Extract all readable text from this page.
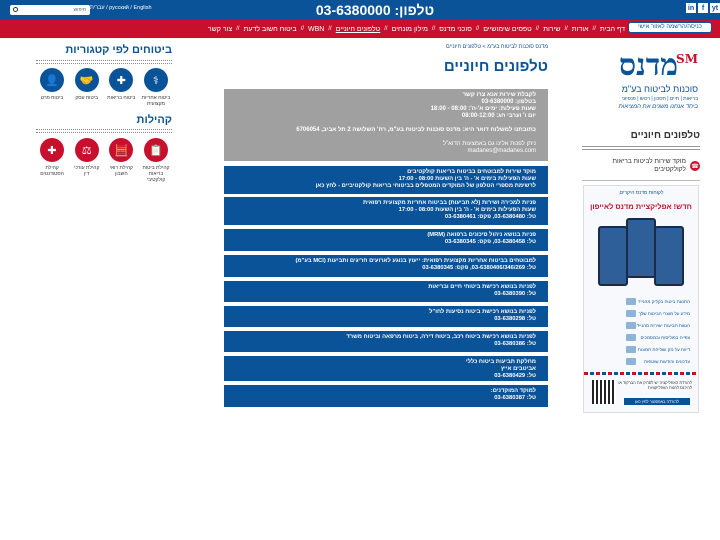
חיפוש עברית / русский / English	טלפון: 03-6380000	in	f	yt
דף הבית
//
אודות
//
שירות
//
טפסים שימושיים
//
סוכני מדנס
//
מילון מונחים
//
טלפונים חיוניים
//
WBN
//
ביטוח חשוב לדעת
//
צור קשר	כניסה/הרשמה לאזור אישי
מדנס
SM
סוכנות לביטוח בע"מ
בריאות | חיים | חסכון | רכוש | פנסיוני
ביחד אנחנו משנים את המציאות
טלפונים חיוניים
☎
מוקד שירות לביטוח בריאות לקולקטיבים
לקוחות מדנס היקרים,
חדש! אפליקציית מדנס לאייפון
התנעת ביטוח בקליק מהנייד
מידע על מוצרי הביטוח שלך
הגשת תביעות ישירות מהנייד
צפייה בפוליסות ובמסמכים
דיווח על נזק ושליחת תמונות
עדכונים והודעות שוטפות
להורדת האפליקציה יש לסרוק את הברקוד או להיכנס לחנות האפליקציות
להורדה באפסטור לחץ כאן
מדנס סוכנות לביטוח בע"מ > טלפונים חיוניים
טלפונים חיוניים

לקבלת שירות אנא צרו קשר

בטלפון: 03-6380000

שעות פעילות: ימים א'-ה': 08:00 - 18:00

יום ו' וערבי חג: 08:00-12:00

כתובתנו למשלוח דואר היא: מדנס סוכנות לביטוח בע"מ, רח' השלושה 2 תל אביב, 6706054

ניתן לפנות אלינו גם באמצעות הדוא"ל

madanes@madanes.com

מוקד שירות למבוטחים בביטוח בריאות קולקטיבים

שעות הפעילות בימים א' - ה' בין השעות 08:00 - 17:00

לרשימת מספרי הטלפון של המוקדים המטפלים בביטוחי בריאות קולקטיביים - לחץ כאן

פניות למכירה ושירות (לא תביעות) בביטוח אחריות מקצועית רפואית

שעות הפעילות בימים א' - ה' בין השעות 08:00 - 17:00

טל: 03-6380480, פקס: 03-6380461

פניות בנושא ניהול סיכונים ברפואה (MRM)

טל: 03-6380458, פקס: 03-6380345

למבוטחים בביטוח אחריות מקצועית רפואית: ייעוץ בנוגע לארועים חריגים ותביעות (MCI בע"מ)

טל: 03-6380406/346/269, פקס: 03-6380345

לפניות בנושא רכישת ביטוחי חיים ובריאות

טל: 03-6380390

לפניות בנושא רכישת ביטוח נסיעות לחו"ל

טל: 03-6380298

לפניות בנושא רכישת ביטוח רכב, ביטוח דירה, ביטוח מרפאה וביטוח משרד

טל: 03-6380386

מחלקת תביעות ביטוח כללי

אביטבים אייץ

טל: 03-6380429

למוקד המוקדנים:

טל: 03-6380387

ביטוחים לפי קטגוריות
⚕
ביטוח אחריות מקצועית
✚
ביטוח בריאות
🤝
ביטוח עסק
👤
ביטוח פרט
קהילות
📋
קהילת ביטוח בריאות קולקטיבי
🧮
קהילת רואי חשבון
⚖
קהילת עורכי דין
✚
קהילת הסטודנטים
